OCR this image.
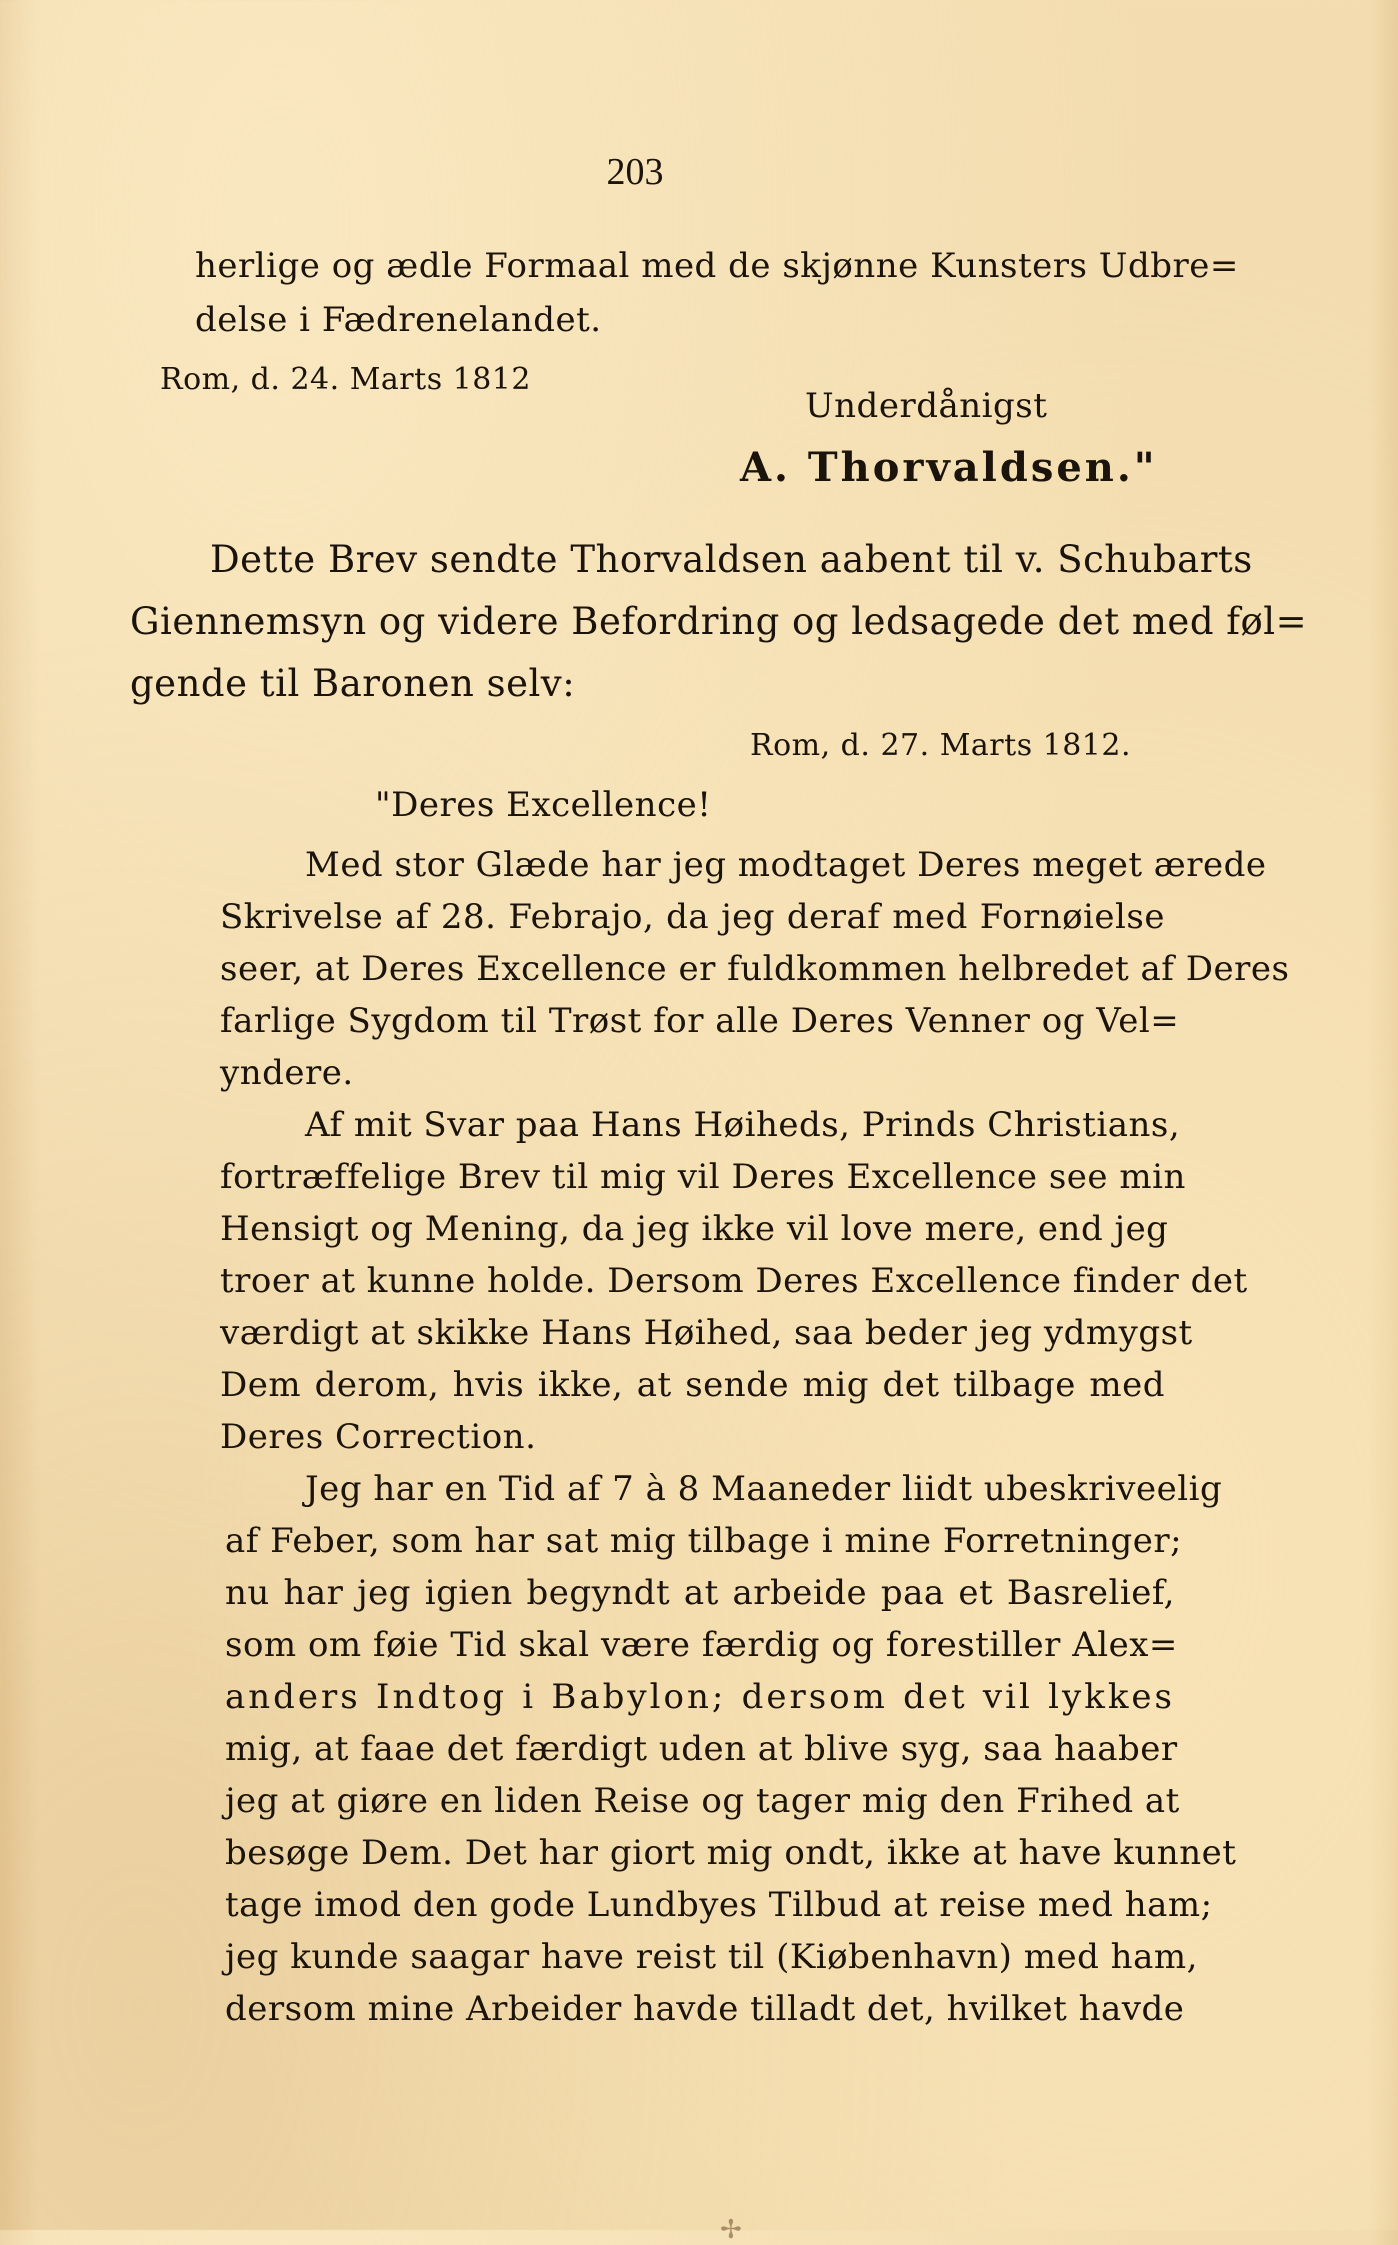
203
herlige og ædle Formaal med de skjønne Kunsters Udbre=
delse i Fædrenelandet.
Rom, d. 24. Marts 1812
Underdånigst
A. Thorvaldsen."
Dette Brev sendte Thorvaldsen aabent til v. Schubarts
Giennemsyn og videre Befordring og ledsagede det med føl=
gende til Baronen selv:
Rom, d. 27. Marts 1812.
"Deres Excellence!
Med stor Glæde har jeg modtaget Deres meget ærede
Skrivelse af 28. Febrajo, da jeg deraf med Fornøielse
seer, at Deres Excellence er fuldkommen helbredet af Deres
farlige Sygdom til Trøst for alle Deres Venner og Vel=
yndere.
Af mit Svar paa Hans Høiheds, Prinds Christians,
fortræffelige Brev til mig vil Deres Excellence see min
Hensigt og Mening, da jeg ikke vil love mere, end jeg
troer at kunne holde. Dersom Deres Excellence finder det
værdigt at skikke Hans Høihed, saa beder jeg ydmygst
Dem derom, hvis ikke, at sende mig det tilbage med
Deres Correction.
Jeg har en Tid af 7 à 8 Maaneder liidt ubeskriveelig
af Feber, som har sat mig tilbage i mine Forretninger;
nu har jeg igien begyndt at arbeide paa et Basrelief,
som om føie Tid skal være færdig og forestiller Alex=
anders Indtog i Babylon; dersom det vil lykkes
mig, at faae det færdigt uden at blive syg, saa haaber
jeg at giøre en liden Reise og tager mig den Frihed at
besøge Dem. Det har giort mig ondt, ikke at have kunnet
tage imod den gode Lundbyes Tilbud at reise med ham;
jeg kunde saagar have reist til (Kiøbenhavn) med ham,
dersom mine Arbeider havde tilladt det, hvilket havde
✢
